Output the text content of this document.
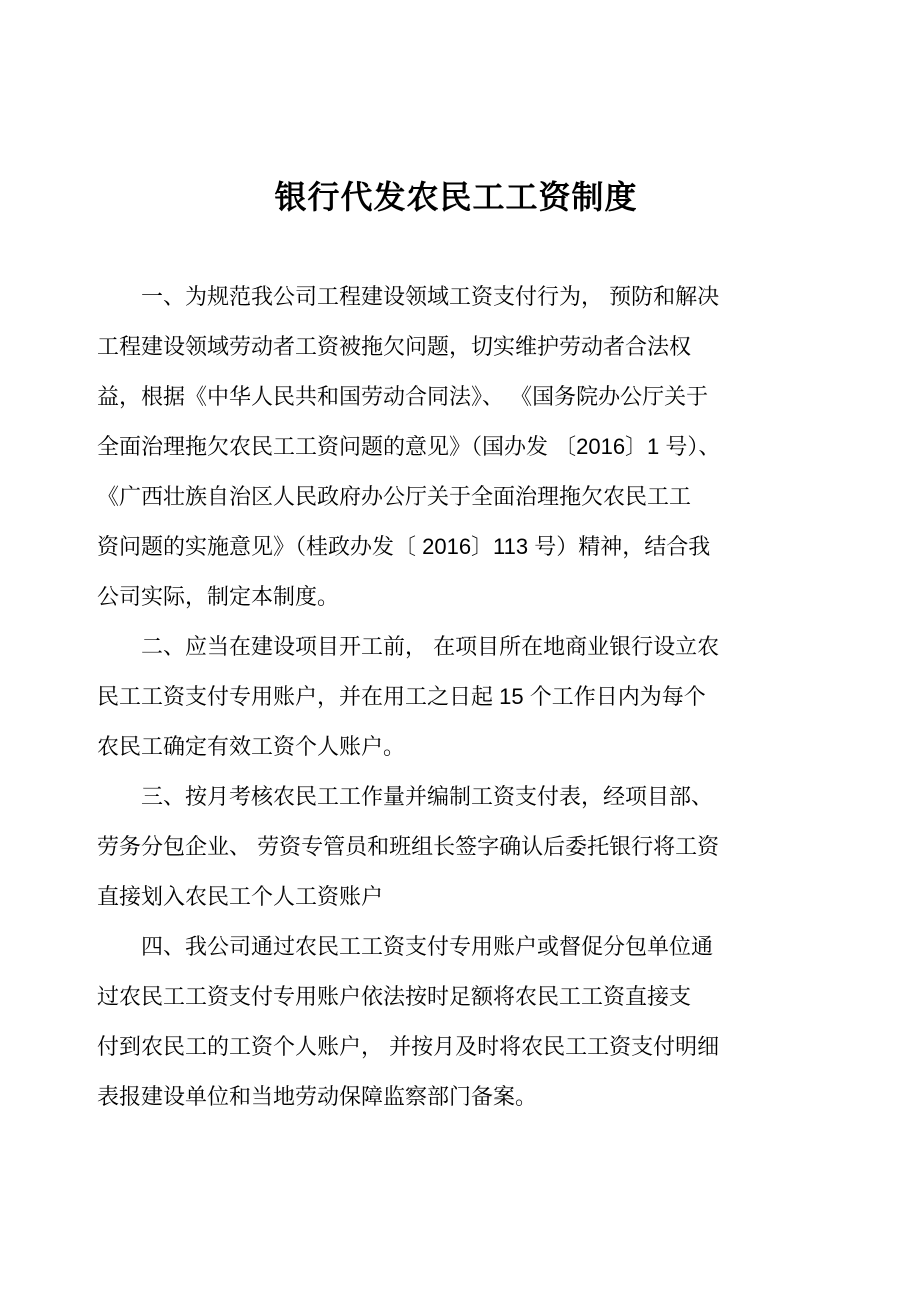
银行代发农民工工资制度
一、为规范我公司工程建设领域工资支付行为， 预防和解决
工程建设领域劳动者工资被拖欠问题，切实维护劳动者合法权
益，根据《中华人民共和国劳动合同法》、 《国务院办公厅关于
全面治理拖欠农民工工资问题的意见》（国办发 〔2016〕1 号）、
《广西壮族自治区人民政府办公厅关于全面治理拖欠农民工工
资问题的实施意见》（桂政办发〔 2016〕113 号）精神，结合我
公司实际，制定本制度。
二、应当在建设项目开工前， 在项目所在地商业银行设立农
民工工资支付专用账户，并在用工之日起 15 个工作日内为每个
农民工确定有效工资个人账户。
三、按月考核农民工工作量并编制工资支付表，经项目部、
劳务分包企业、 劳资专管员和班组长签字确认后委托银行将工资
直接划入农民工个人工资账户
四、我公司通过农民工工资支付专用账户或督促分包单位通
过农民工工资支付专用账户依法按时足额将农民工工资直接支
付到农民工的工资个人账户， 并按月及时将农民工工资支付明细
表报建设单位和当地劳动保障监察部门备案。
